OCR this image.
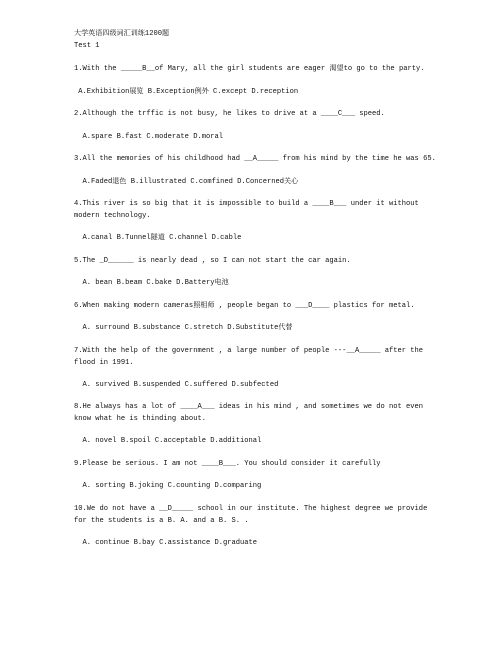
大学英语四级词汇训练1200题
Test 1
1.With the _____B__of Mary, all the girl students are eager 渴望to go to the party.
A.Exhibition展览 B.Exception例外 C.except D.reception
2.Although the trffic is not busy, he likes to drive at a ____C___ speed.
A.spare B.fast C.moderate D.moral
3.All the memories of his childhood had __A_____ from his mind by the time he was 65.
A.Faded退色 B.illustrated C.comfined D.Concerned关心
4.This river is so big that it is impossible to build a ____B___ under it without modern technology.
A.canal B.Tunnel隧道 C.channel D.cable
5.The _D______ is nearly dead , so I can not start the car again.
A. bean B.beam C.bake D.Battery电池
6.When making modern cameras照相师 , people began to ___D____ plastics for metal.
A. surround B.substance C.stretch D.Substitute代替
7.With the help of the government , a large number of people ---__A_____ after the flood in 1991.
A. survived B.suspended C.suffered D.subfected
8.He always has a lot of ____A___ ideas in his mind , and sometimes we do not even know what he is thinding about.
A. novel B.spoil C.acceptable D.additional
9.Please be serious. I am not ____B___. You should consider it carefully
A. sorting B.joking C.counting D.comparing
10.We do not have a __D_____ school in our institute. The highest degree we provide for the students is a B. A. and a B. S. .
A. continue B.bay C.assistance D.graduate
